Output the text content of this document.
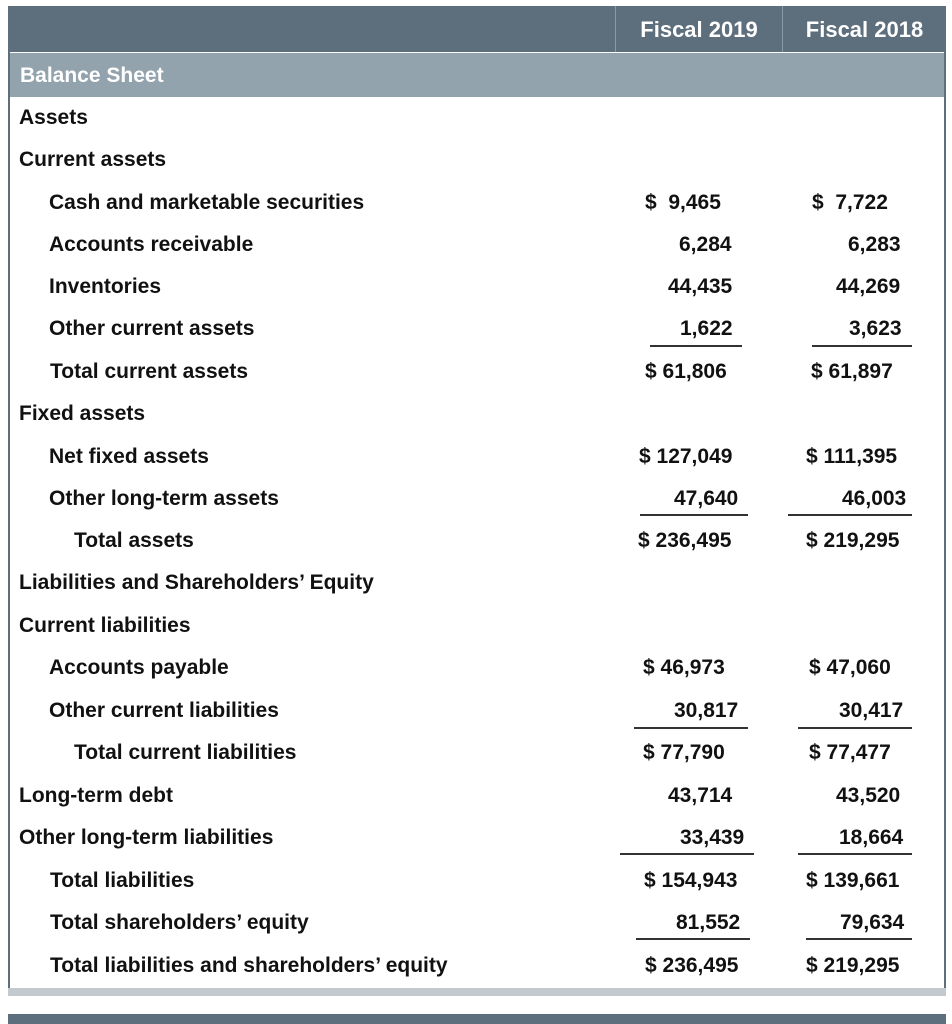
Fiscal 2019	Fiscal 2018
Balance Sheet
Assets
Current assets
Cash and marketable securities	$  9,465	$  7,722
Accounts receivable	6,284	6,283
Inventories	44,435	44,269
Other current assets	1,622	3,623
Total current assets	$ 61,806	$ 61,897
Fixed assets
Net fixed assets	$ 127,049	$ 111,395
Other long-term assets	47,640	46,003
Total assets	$ 236,495	$ 219,295
Liabilities and Shareholders’ Equity
Current liabilities
Accounts payable	$ 46,973	$ 47,060
Other current liabilities	30,817	30,417
Total current liabilities	$ 77,790	$ 77,477
Long-term debt	43,714	43,520
Other long-term liabilities	33,439	18,664
Total liabilities	$ 154,943	$ 139,661
Total shareholders’ equity	81,552	79,634
Total liabilities and shareholders’ equity	$ 236,495	$ 219,295
